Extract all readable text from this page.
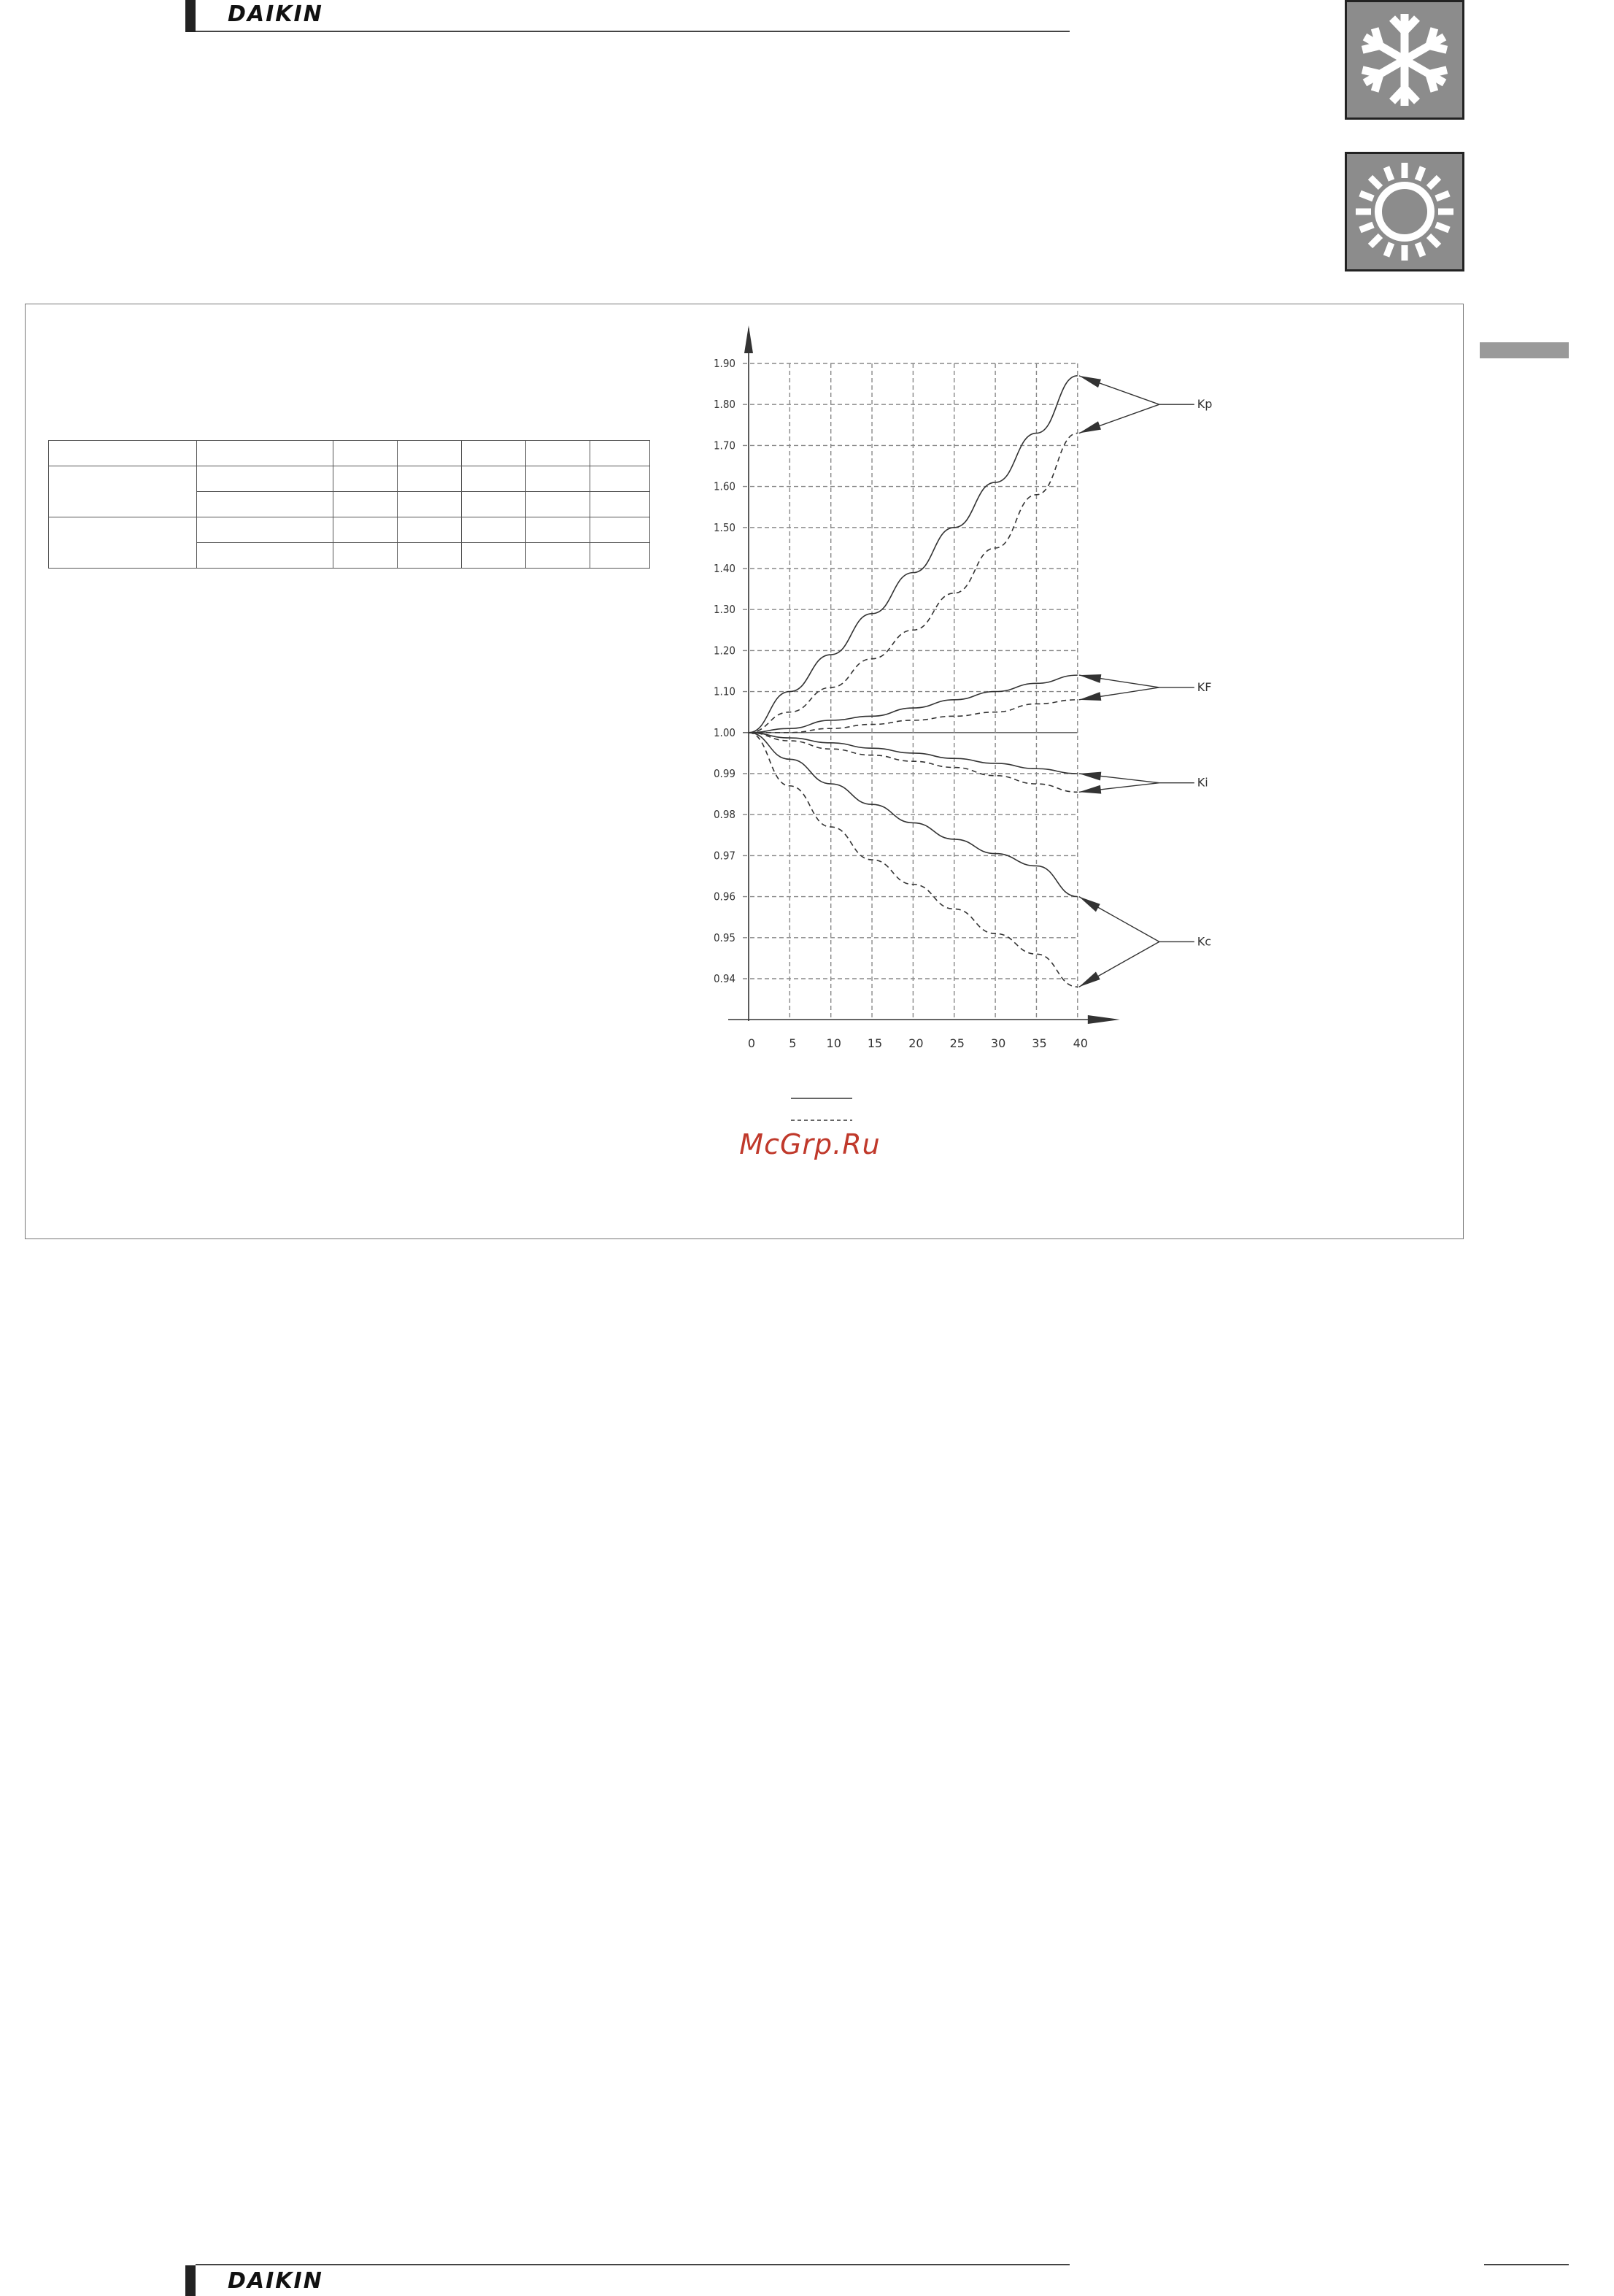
DAIKIN

1.90
1.80
1.70
1.60
1.50
1.40
1.30
1.20
1.10
1.00
0.99
0.98
0.97
0.96
0.95
0.94
0	5	10 15 20 25 30 35 40
Kp
KF
Ki
Kc
McGrp.Ru
DAIKIN
